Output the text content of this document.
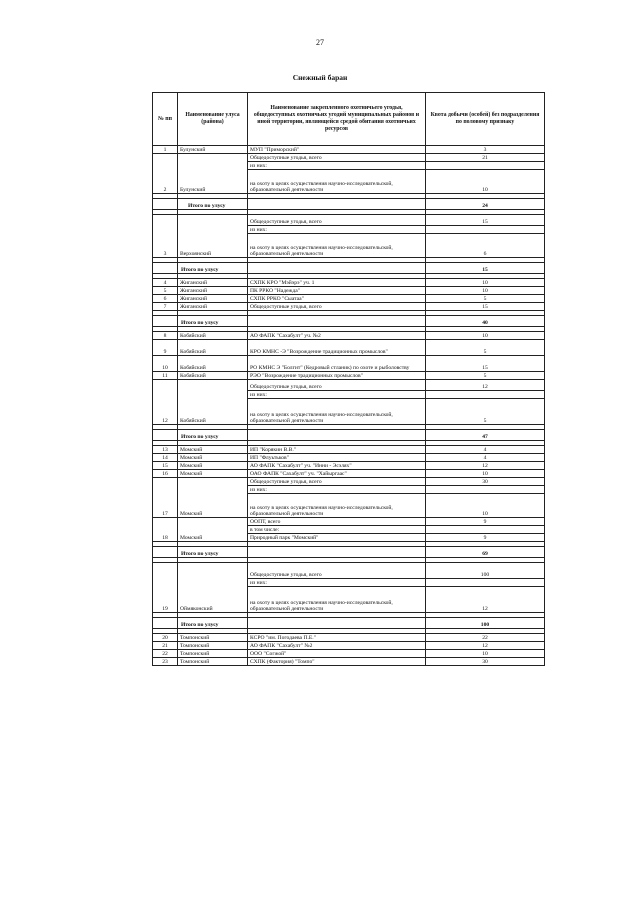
27
Снежный баран
№ пп	Наименование улуса (района)	Наименование закрепленного охотничьего угодья, общедоступных охотничьих угодий муниципальных районов и иной территории, являющейся средой обитания охотничьих ресурсов	Квота добычи (особей) без подразделения по половому признаку
1	Булунский	МУП "Приморский"	3
2	Булунский	Общедоступные угодья, всего	21
		из них:	
		на охоту в целях осуществления научно-исследовательской, образовательной деятельности	10

	Итого по улусу		24

3	Верхоянский	Общедоступные угодья, всего	15
		из них:	
		на охоту в целях осуществления научно-исследовательской, образовательной деятельности	6

	Итого по улусу		15

4	Жиганский	СХПК КРО "Мэйэрэ" уч. 1	10
5	Жиганский	ПК РРКО "Надежда"	10
6	Жиганский	СХПК РРКО "Сыатаа"	5
7	Жиганский	Общедоступные угодья, всего	15

	Итого по улусу		40

8	Кобяйский	АО ФАПК "Сахабулт" уч. №2	10
9	Кобяйский	КРО КМНС -Э "Возрождение традиционных промыслов"	5
10	Кобяйский	РО КМНС Э "Болгит" (Кедровый стланик) по охоте и рыболовству	15
11	Кобяйский	РЭО "Возрождение традиционных промыслов"	5
12	Кобяйский	Общедоступные угодья, всего	12
		из них:	
		на охоту в целях осуществления научно-исследовательской, образовательной деятельности	5

	Итого по улусу		47

13	Момский	ИП "Корякин В.В."	4
14	Момский	ИП "Флуьтьков"	4
15	Момский	АО ФАПК "Сахабулт" уч. "Инни - Эсэлях"	12
16	Момский	ОАО ФАПК "Сахабулт" уч. "Хайыргаас"	10
17	Момский	Общедоступные угодья, всего	30
		из них:	
		на охоту в целях осуществления научно-исследовательской, образовательной деятельности	10
18	Момский	ООПТ, всего	9
		в том числе:	
		Природный парк "Момский"	9

	Итого по улусу		69

19	Оймяконский	Общедоступные угодья, всего	100
		из них:	
		на охоту в целях осуществления научно-исследовательской, образовательной деятельности	12

	Итого по улусу		100

20	Томпонский	КСРО "им. Погодаева П.Е."	22
21	Томпонский	АО ФАПК "Сахабулт" №2	12
22	Томпонский	ООО "Согжой"	10
23	Томпонский	СХПК (Фактория) "Томпо"	30
